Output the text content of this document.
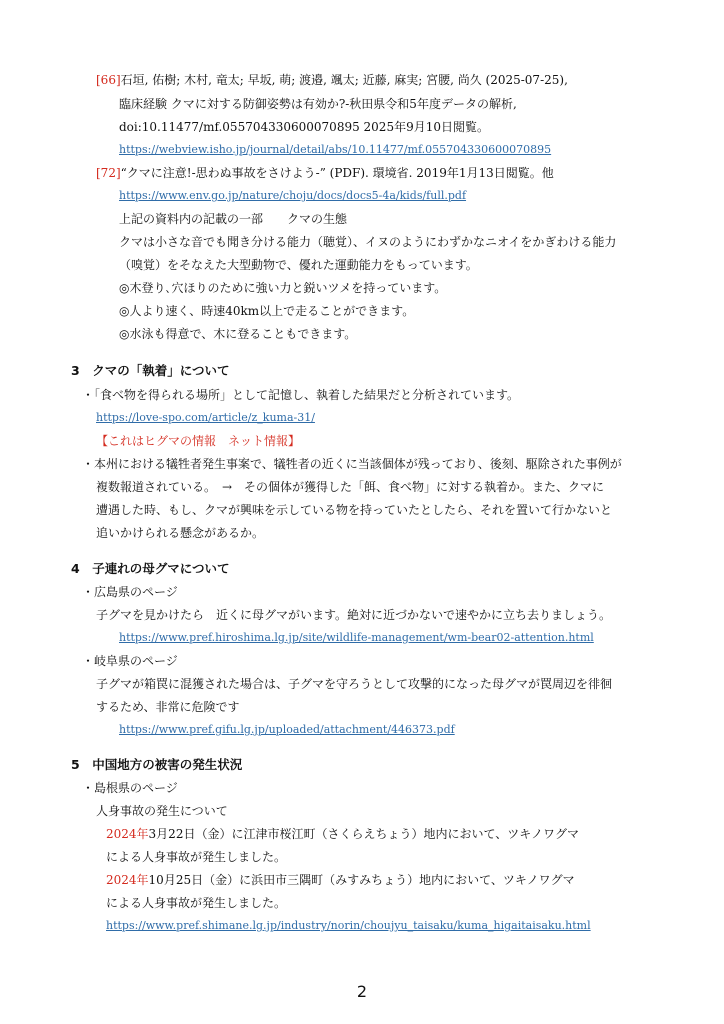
[66]石垣, 佑樹; 木村, 竜太; 早坂, 萌; 渡邉, 颯太; 近藤, 麻実; 宮腰, 尚久 (2025-07-25),
臨床経験 クマに対する防御姿勢は有効か?-秋田県令和5年度データの解析,
doi:10.11477/mf.055704330600070895 2025年9月10日閲覧。
https://webview.isho.jp/journal/detail/abs/10.11477/mf.055704330600070895
[72]“クマに注意!-思わぬ事故をさけよう-” (PDF). 環境省. 2019年1月13日閲覧。他
https://www.env.go.jp/nature/choju/docs/docs5-4a/kids/full.pdf
上記の資料内の記載の一部　　クマの生態
クマは小さな音でも聞き分ける能力（聴覚）、イヌのようにわずかなニオイをかぎわける能力
（嗅覚）をそなえた大型動物で、優れた運動能力をもっています。
◎木登り､穴ほりのために強い力と鋭いツメを持っています。
◎人より速く、時速40km以上で走ることができます。
◎水泳も得意で、木に登ることもできます。
3　クマの「執着」について
・「食べ物を得られる場所」として記憶し、執着した結果だと分析されています。
https://love-spo.com/article/z_kuma-31/
【これはヒグマの情報　ネット情報】
・本州における犠牲者発生事案で、犠牲者の近くに当該個体が残っており、後刻、駆除された事例が
複数報道されている。　→　その個体が獲得した「餌、食べ物」に対する執着か。また、クマに
遭遇した時、もし、クマが興味を示している物を持っていたとしたら、それを置いて行かないと
追いかけられる懸念があるか。
4　子連れの母グマについて
・広島県のページ
子グマを見かけたら　近くに母グマがいます。絶対に近づかないで速やかに立ち去りましょう。
https://www.pref.hiroshima.lg.jp/site/wildlife-management/wm-bear02-attention.html
・岐阜県のページ
子グマが箱罠に混獲された場合は、子グマを守ろうとして攻撃的になった母グマが罠周辺を徘徊
するため、非常に危険です
https://www.pref.gifu.lg.jp/uploaded/attachment/446373.pdf
5　中国地方の被害の発生状況
・島根県のページ
人身事故の発生について
2024年3月22日（金）に江津市桜江町（さくらえちょう）地内において、ツキノワグマ
による人身事故が発生しました。
2024年10月25日（金）に浜田市三隅町（みすみちょう）地内において、ツキノワグマ
による人身事故が発生しました。
https://www.pref.shimane.lg.jp/industry/norin/choujyu_taisaku/kuma_higaitaisaku.html
2
